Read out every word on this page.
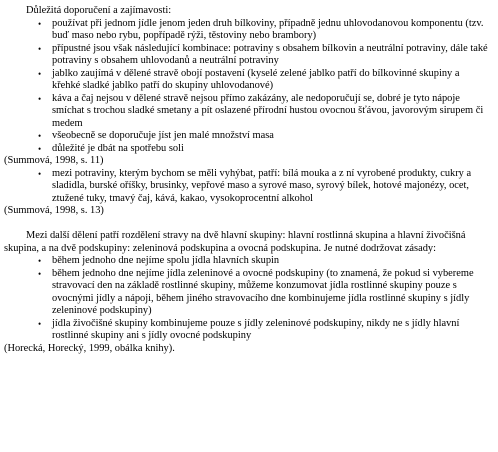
Důležitá doporučení a zajímavosti:
• používat při jednom jídle jenom jeden druh bílkoviny, případně jednu uhlovodanovou komponentu (tzv. buď maso nebo rybu, popřípadě rýži, těstoviny nebo brambory)
• přípustné jsou však následující kombinace: potraviny s obsahem bílkovin a neutrální potraviny, dále také potraviny s obsahem uhlovodanů a neutrální potraviny
• jablko zaujímá v dělené stravě obojí postavení (kyselé zelené jablko patří do bílkovinné skupiny a křehké sladké jablko patří do skupiny uhlovodanové)
• káva a čaj nejsou v dělené stravě nejsou přímo zakázány, ale nedoporučují se, dobré je tyto nápoje smíchat s trochou sladké smetany a pít oslazené přírodní hustou ovocnou šťávou, javorovým sirupem či medem
• všeobecně se doporučuje jíst jen malé množství masa
• důležité je dbát na spotřebu soli
(Summová, 1998, s. 11)
• mezi potraviny, kterým bychom se měli vyhýbat, patří: bílá mouka a z ní vyrobené produkty, cukry a sladidla, burské oříšky, brusinky, vepřové maso a syrové maso, syrový bílek, hotové majonézy, ocet, ztužené tuky, tmavý čaj, kává, kakao, vysokoprocentní alkohol
(Summová, 1998, s. 13)
Mezi další dělení patří rozdělení stravy na dvě hlavní skupiny: hlavní rostlinná skupina a hlavní živočišná skupina, a na dvě podskupiny: zeleninová podskupina a ovocná podskupina. Je nutné dodržovat zásady:
• během jednoho dne nejíme spolu jídla hlavních skupin
• během jednoho dne nejíme jídla zeleninové a ovocné podskupiny (to znamená, že pokud si vybereme stravovací den na základě rostlinné skupiny, můžeme konzumovat jídla rostlinné skupiny pouze s ovocnými jídly a nápoji, během jiného stravovacího dne kombinujeme jídla rostlinné skupiny s jídly zeleninové podskupiny)
• jídla živočišné skupiny kombinujeme pouze s jídly zeleninové podskupiny, nikdy ne s jídly hlavní rostlinné skupiny ani s jídly ovocné podskupiny
(Horecká, Horecký, 1999, obálka knihy).
